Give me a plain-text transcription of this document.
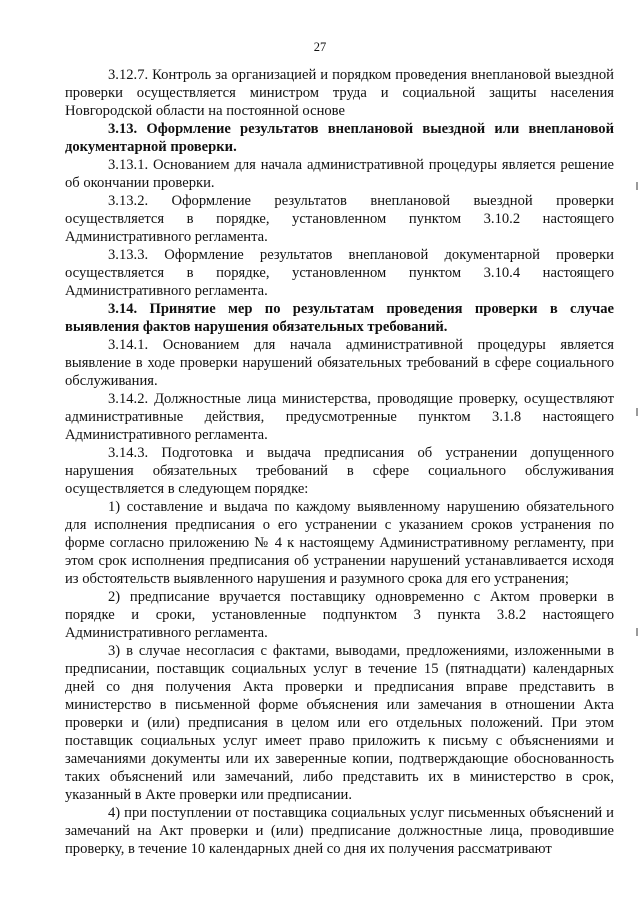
27

3.12.7. Контроль за организацией и порядком проведения внеплановой выездной проверки осуществляется министром труда и социальной защиты населения Новгородской области на постоянной основе

3.13. Оформление результатов внеплановой выездной или внеплановой документарной проверки.

3.13.1. Основанием для начала административной процедуры является решение об окончании проверки.

3.13.2. Оформление результатов внеплановой выездной проверки осуществляется в порядке, установленном пунктом 3.10.2 настоящего Административного регламента.

3.13.3. Оформление результатов внеплановой документарной проверки осуществляется в порядке, установленном пунктом 3.10.4 настоящего Административного регламента.

3.14. Принятие мер по результатам проведения проверки в случае выявления фактов нарушения обязательных требований.

3.14.1. Основанием для начала административной процедуры является выявление в ходе проверки нарушений обязательных требований в сфере социального обслуживания.

3.14.2. Должностные лица министерства, проводящие проверку, осуществляют административные действия, предусмотренные пунктом 3.1.8 настоящего Административного регламента.

3.14.3. Подготовка и выдача предписания об устранении допущенного нарушения обязательных требований в сфере социального обслуживания осуществляется в следующем порядке:

1) составление и выдача по каждому выявленному нарушению обязательного для исполнения предписания о его устранении с указанием сроков устранения по форме согласно приложению № 4 к настоящему Административному регламенту, при этом срок исполнения предписания об устранении нарушений устанавливается исходя из обстоятельств выявленного нарушения и разумного срока для его устранения;

2) предписание вручается поставщику одновременно с Актом проверки в порядке и сроки, установленные подпунктом 3 пункта 3.8.2 настоящего Административного регламента.

3) в случае несогласия с фактами, выводами, предложениями, изложенными в предписании, поставщик социальных услуг в течение 15 (пятнадцати) календарных дней со дня получения Акта проверки и предписания вправе представить в министерство в письменной форме объяснения или замечания в отношении Акта проверки и (или) предписания в целом или его отдельных положений. При этом поставщик социальных услуг имеет право приложить к письму с объяснениями и замечаниями документы или их заверенные копии, подтверждающие обоснованность таких объяснений или замечаний, либо представить их в министерство в срок, указанный в Акте проверки или предписании.

4) при поступлении от поставщика социальных услуг письменных объяснений и замечаний на Акт проверки и (или) предписание должностные лица, проводившие проверку, в течение 10 календарных дней со дня их получения рассматривают
